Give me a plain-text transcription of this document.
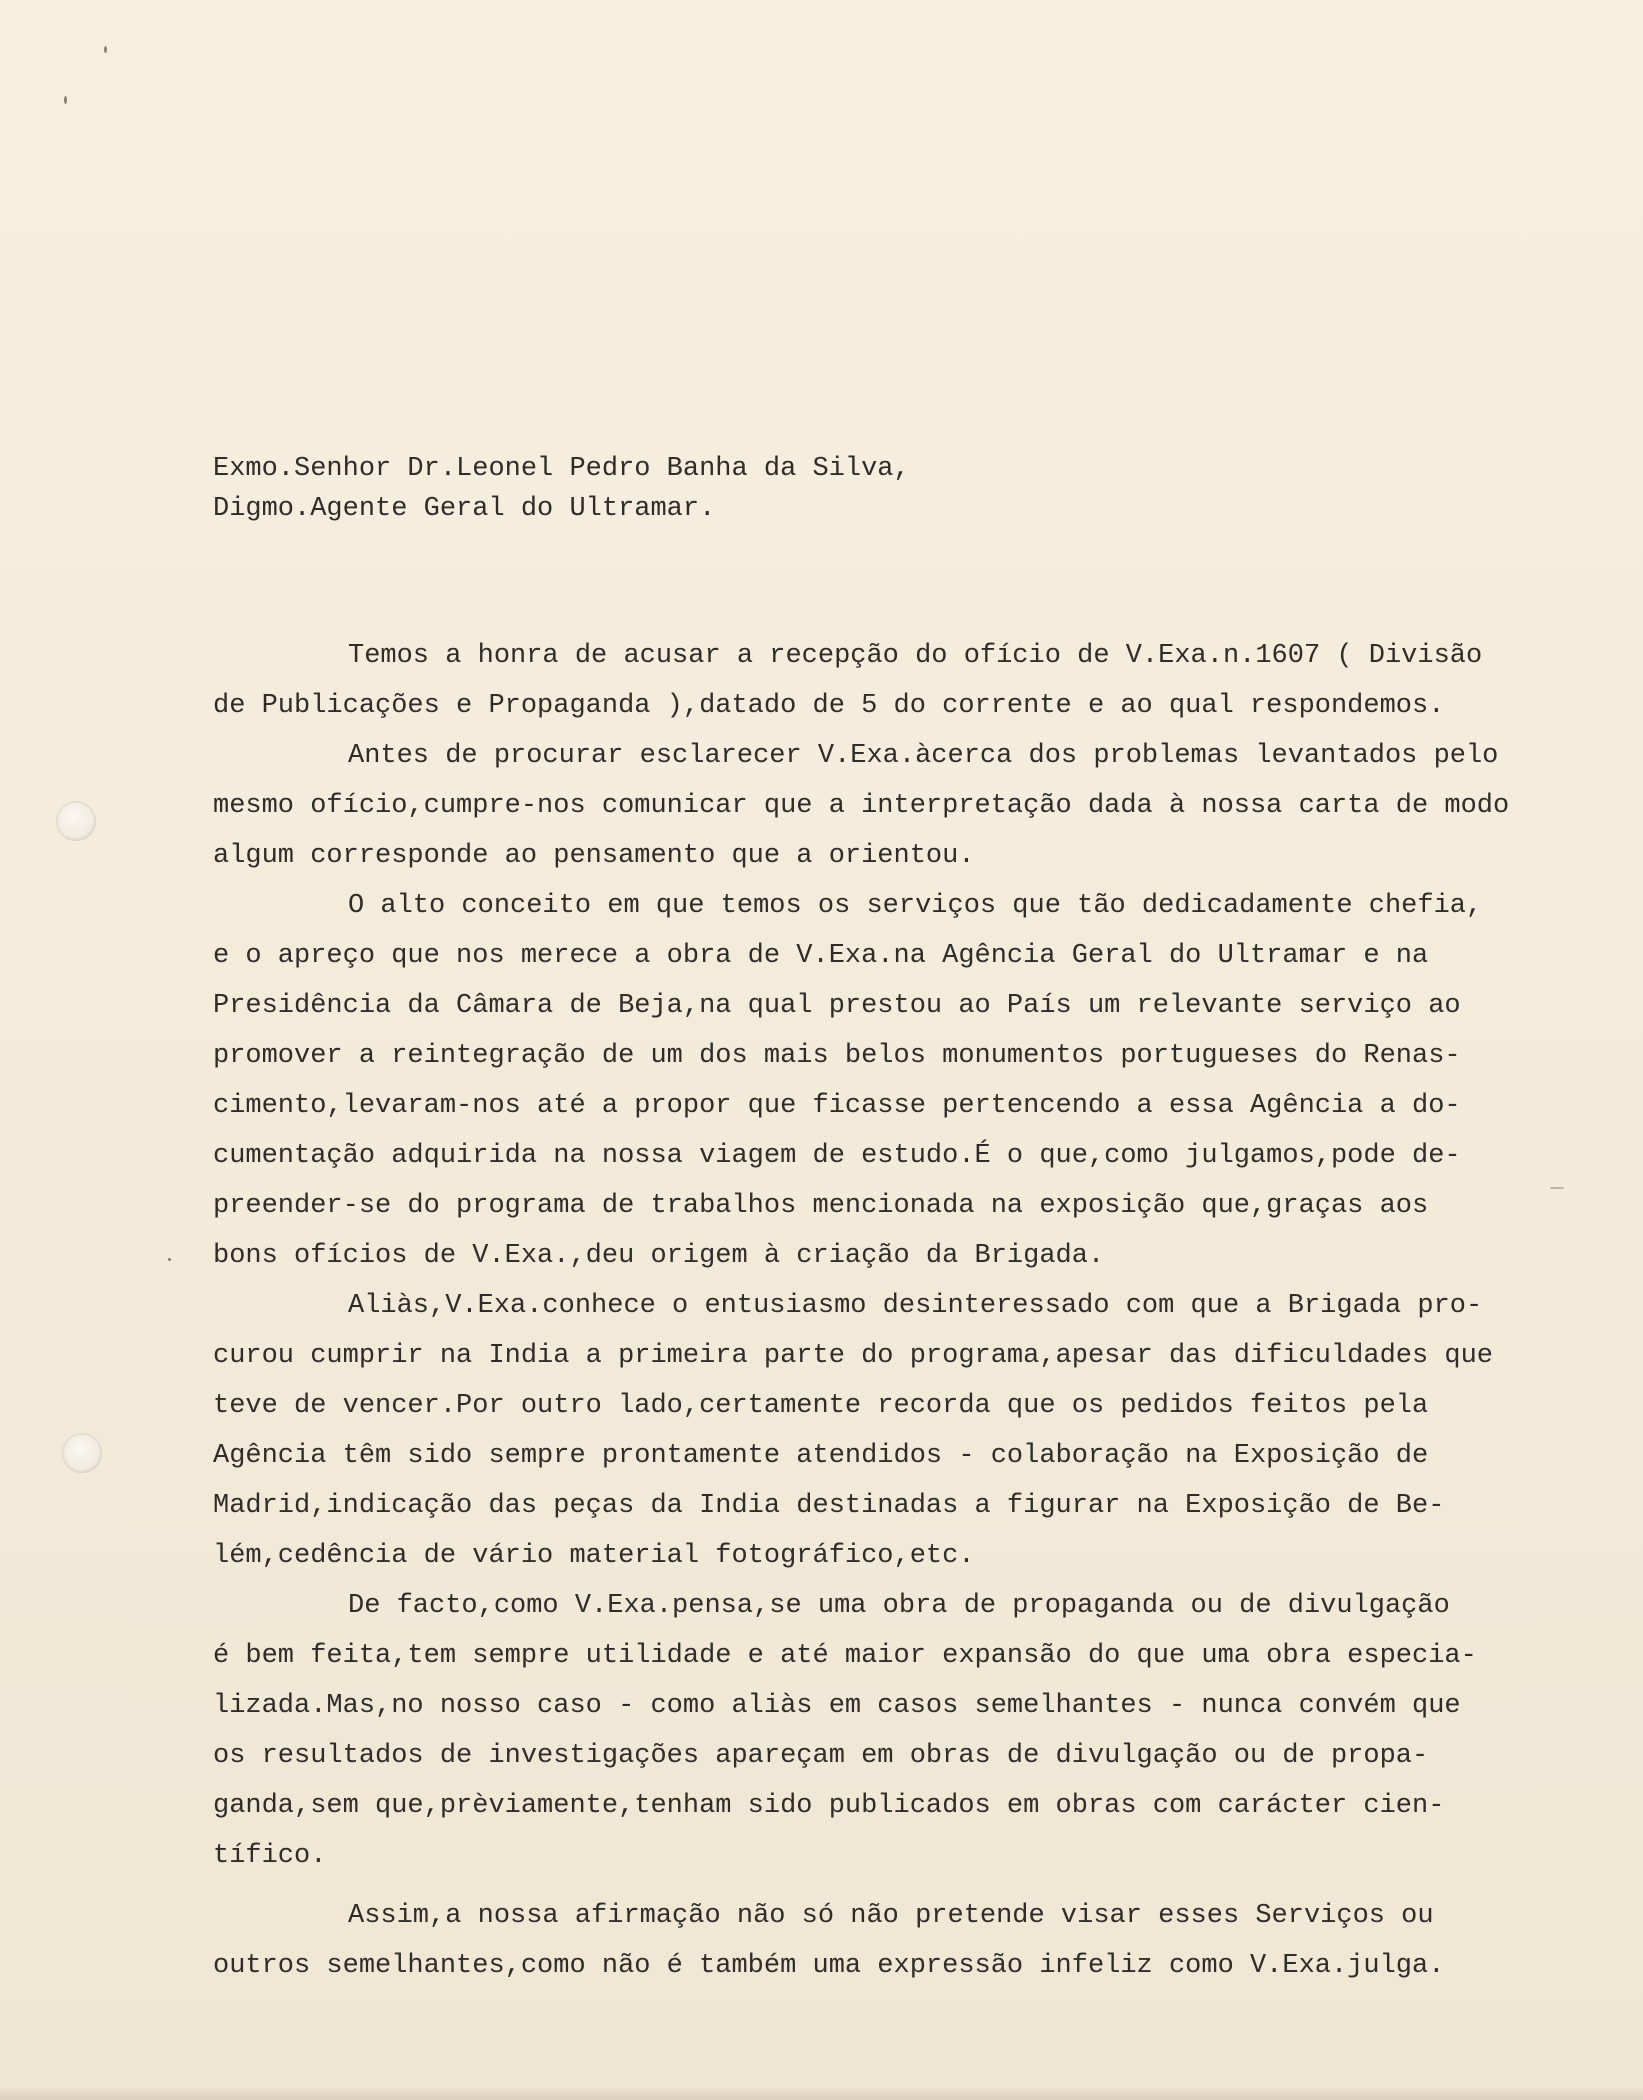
Exmo.Senhor Dr.Leonel Pedro Banha da Silva,

Digmo.Agente Geral do Ultramar.

Temos a honra de acusar a recepção do ofício de V.Exa.n.1607 ( Divisão

de Publicações e Propaganda ),datado de 5 do corrente e ao qual respondemos.

Antes de procurar esclarecer V.Exa.àcerca dos problemas levantados pelo

mesmo ofício,cumpre-nos comunicar que a interpretação dada à nossa carta de modo

algum corresponde ao pensamento que a orientou.

O alto conceito em que temos os serviços que tão dedicadamente chefia,

e o apreço que nos merece a obra de V.Exa.na Agência Geral do Ultramar e na

Presidência da Câmara de Beja,na qual prestou ao País um relevante serviço ao

promover a reintegração de um dos mais belos monumentos portugueses do Renas-

cimento,levaram-nos até a propor que ficasse pertencendo a essa Agência a do-

cumentação adquirida na nossa viagem de estudo.É o que,como julgamos,pode de-

preender-se do programa de trabalhos mencionada na exposição que,graças aos

bons ofícios de V.Exa.,deu origem à criação da Brigada.

Aliàs,V.Exa.conhece o entusiasmo desinteressado com que a Brigada pro-

curou cumprir na India a primeira parte do programa,apesar das dificuldades que

teve de vencer.Por outro lado,certamente recorda que os pedidos feitos pela

Agência têm sido sempre prontamente atendidos - colaboração na Exposição de

Madrid,indicação das peças da India destinadas a figurar na Exposição de Be-

lém,cedência de vário material fotográfico,etc.

De facto,como V.Exa.pensa,se uma obra de propaganda ou de divulgação

é bem feita,tem sempre utilidade e até maior expansão do que uma obra especia-

lizada.Mas,no nosso caso - como aliàs em casos semelhantes - nunca convém que

os resultados de investigações apareçam em obras de divulgação ou de propa-

ganda,sem que,prèviamente,tenham sido publicados em obras com carácter cien-

tífico.

Assim,a nossa afirmação não só não pretende visar esses Serviços ou

outros semelhantes,como não é também uma expressão infeliz como V.Exa.julga.
